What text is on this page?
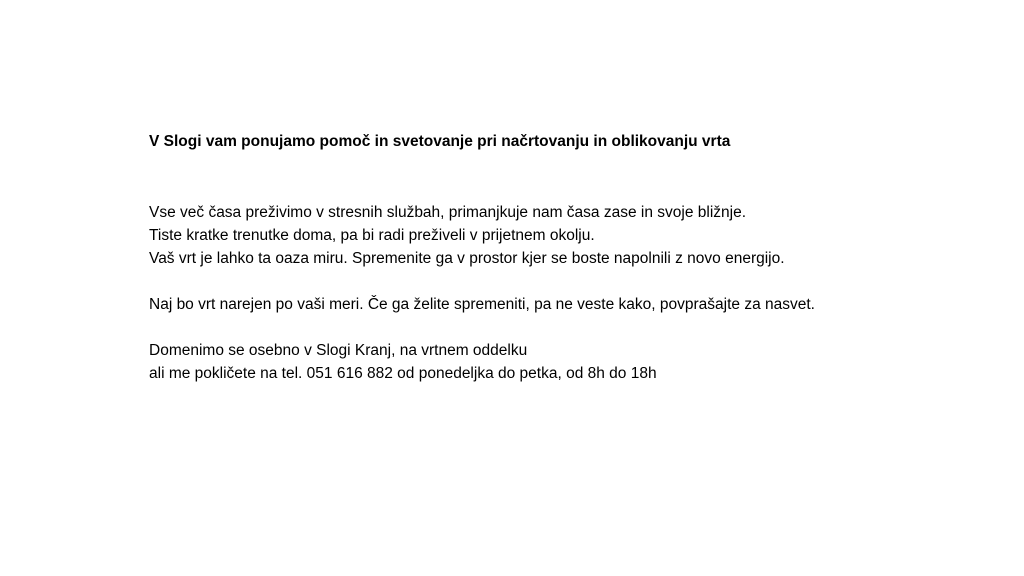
V Slogi vam ponujamo pomoč in svetovanje pri načrtovanju in oblikovanju vrta

Vse več časa preživimo v stresnih službah, primanjkuje nam časa zase in svoje bližnje.
Tiste kratke trenutke doma, pa bi radi preživeli v prijetnem okolju.
Vaš vrt je lahko ta oaza miru. Spremenite ga v prostor kjer se boste napolnili z novo energijo.

Naj bo vrt narejen po vaši meri. Če ga želite spremeniti, pa ne veste kako, povprašajte za nasvet.

Domenimo se osebno v Slogi Kranj, na vrtnem oddelku
ali me pokličete na tel. 051 616 882 od ponedeljka do petka, od 8h do 18h
